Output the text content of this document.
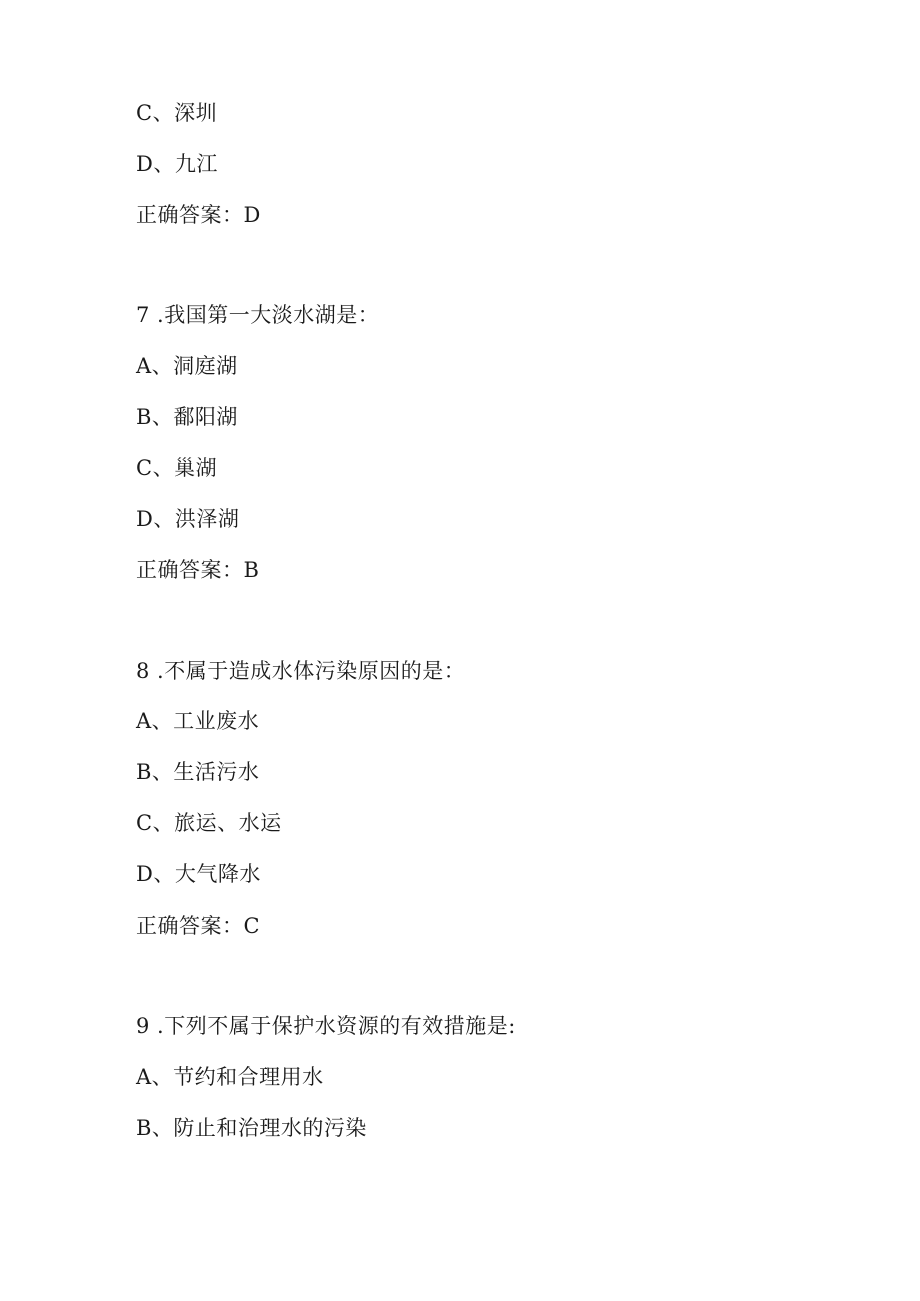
C、深圳
D、九江
正确答案：D
7 .我国第一大淡水湖是：
A、洞庭湖
B、鄱阳湖
C、巢湖
D、洪泽湖
正确答案：B
8 .不属于造成水体污染原因的是：
A、工业废水
B、生活污水
C、旅运、水运
D、大气降水
正确答案：C
9 .下列不属于保护水资源的有效措施是:
A、节约和合理用水
B、防止和治理水的污染
